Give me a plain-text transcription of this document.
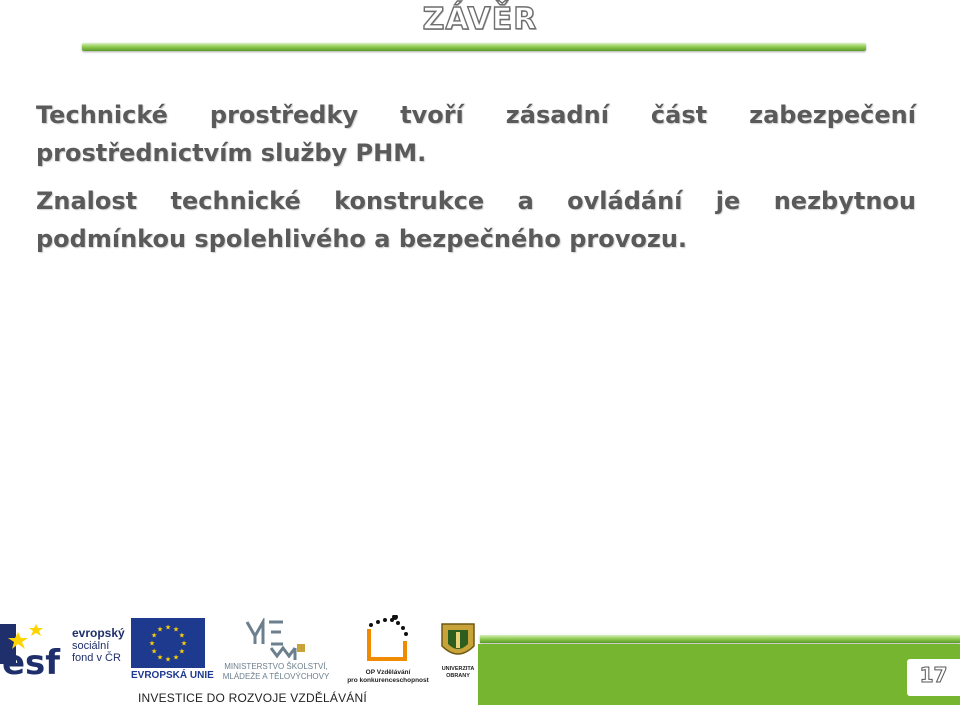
ZÁVĚR

Technické prostředky tvoří zásadní část zabezpečení prostřednictvím služby PHM.

Znalost technické konstrukce a ovládání je nezbytnou podmínkou spolehlivého a bezpečného provozu.

esf
evropský
sociální
fond v ČR
★
★
★
★
★
★
★
★
★ ★ ★
★
EVROPSKÁ UNIE
MINISTERSTVO ŠKOLSTVÍ,
MLÁDEŽE A TĚLOVÝCHOVY	OP Vzdělávání
pro konkurenceschopnost
UNIVERZITA
OBRANY
INVESTICE DO ROZVOJE VZDĚLÁVÁNÍ
17
